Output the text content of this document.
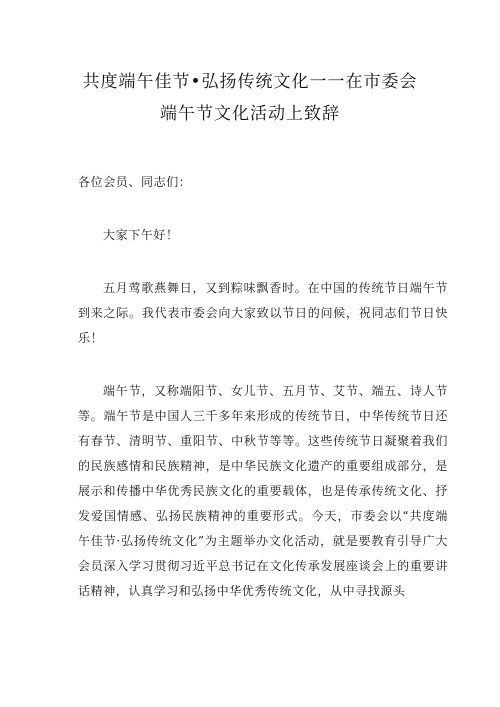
共度端午佳节•弘扬传统文化一一在市委会
端午节文化活动上致辞

各位会员、同志们：

大家下午好！

五月莺歌燕舞日，又到粽味飘香时。在中国的传统节日端午节到来之际。我代表市委会向大家致以节日的问候，祝同志们节日快乐！

端午节，又称端阳节、女儿节、五月节、艾节、端五、诗人节等。端午节是中国人三千多年来形成的传统节日，中华传统节日还有春节、清明节、重阳节、中秋节等等。这些传统节日凝聚着我们的民族感情和民族精神，是中华民族文化遗产的重要组成部分，是展示和传播中华优秀民族文化的重要载体，也是传承传统文化、抒发爱国情感、弘扬民族精神的重要形式。今天，市委会以“共度端午佳节·弘扬传统文化”为主题举办文化活动，就是要教育引导广大会员深入学习贯彻习近平总书记在文化传承发展座谈会上的重要讲话精神，认真学习和弘扬中华优秀传统文化，从中寻找源头
